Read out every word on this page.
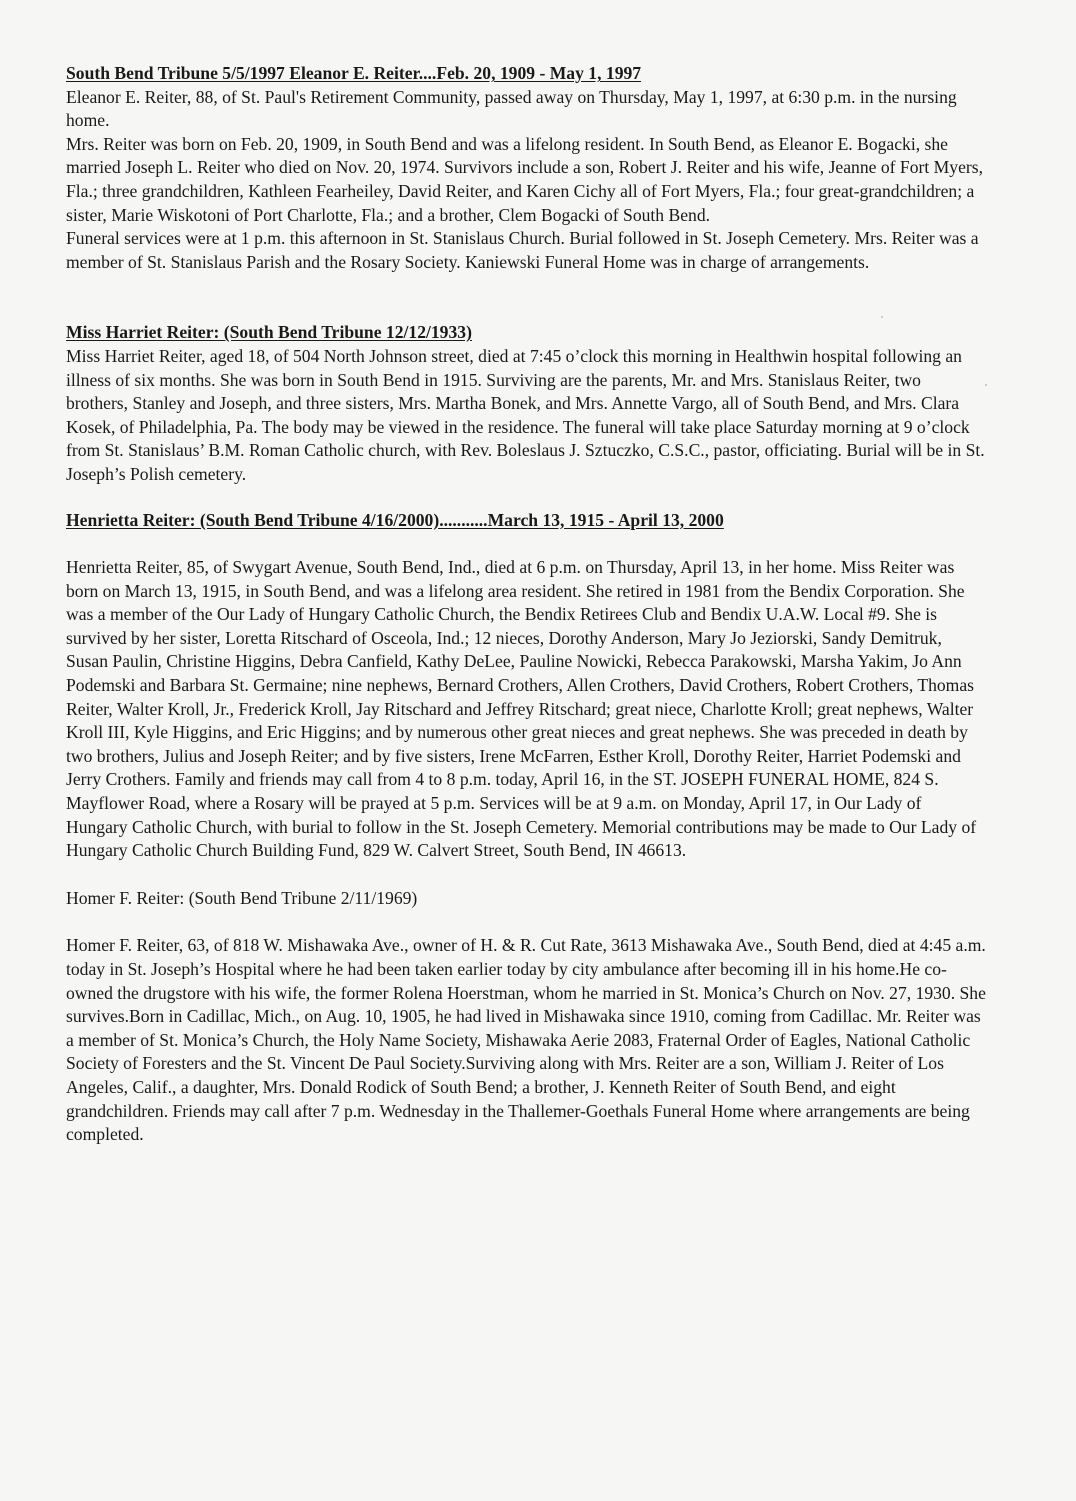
South Bend Tribune 5/5/1997 Eleanor E. Reiter....Feb. 20, 1909 - May 1, 1997

Eleanor E. Reiter, 88, of St. Paul's Retirement Community, passed away on Thursday, May 1, 1997, at 6:30 p.m. in the nursing home.

Mrs. Reiter was born on Feb. 20, 1909, in South Bend and was a lifelong resident. In South Bend, as Eleanor E. Bogacki, she married Joseph L. Reiter who died on Nov. 20, 1974. Survivors include a son, Robert J. Reiter and his wife, Jeanne of Fort Myers, Fla.; three grandchildren, Kathleen Fearheiley, David Reiter, and Karen Cichy all of Fort Myers, Fla.; four great-grandchildren; a sister, Marie Wiskotoni of Port Charlotte, Fla.; and a brother, Clem Bogacki of South Bend.

Funeral services were at 1 p.m. this afternoon in St. Stanislaus Church. Burial followed in St. Joseph Cemetery. Mrs. Reiter was a member of St. Stanislaus Parish and the Rosary Society. Kaniewski Funeral Home was in charge of arrangements.

Miss Harriet Reiter: (South Bend Tribune 12/12/1933)

Miss Harriet Reiter, aged 18, of 504 North Johnson street, died at 7:45 o’clock this morning in Healthwin hospital following an illness of six months. She was born in South Bend in 1915. Surviving are the parents, Mr. and Mrs. Stanislaus Reiter, two brothers, Stanley and Joseph, and three sisters, Mrs. Martha Bonek, and Mrs. Annette Vargo, all of South Bend, and Mrs. Clara Kosek, of Philadelphia, Pa. The body may be viewed in the residence. The funeral will take place Saturday morning at 9 o’clock from St. Stanislaus’ B.M. Roman Catholic church, with Rev. Boleslaus J. Sztuczko, C.S.C., pastor, officiating. Burial will be in St. Joseph’s Polish cemetery.

Henrietta Reiter: (South Bend Tribune 4/16/2000)...........March 13, 1915 - April 13, 2000

Henrietta Reiter, 85, of Swygart Avenue, South Bend, Ind., died at 6 p.m. on Thursday, April 13, in her home. Miss Reiter was born on March 13, 1915, in South Bend, and was a lifelong area resident. She retired in 1981 from the Bendix Corporation. She was a member of the Our Lady of Hungary Catholic Church, the Bendix Retirees Club and Bendix U.A.W. Local #9. She is survived by her sister, Loretta Ritschard of Osceola, Ind.; 12 nieces, Dorothy Anderson, Mary Jo Jeziorski, Sandy Demitruk, Susan Paulin, Christine Higgins, Debra Canfield, Kathy DeLee, Pauline Nowicki, Rebecca Parakowski, Marsha Yakim, Jo Ann Podemski and Barbara St. Germaine; nine nephews, Bernard Crothers, Allen Crothers, David Crothers, Robert Crothers, Thomas Reiter, Walter Kroll, Jr., Frederick Kroll, Jay Ritschard and Jeffrey Ritschard; great niece, Charlotte Kroll; great nephews, Walter Kroll III, Kyle Higgins, and Eric Higgins; and by numerous other great nieces and great nephews. She was preceded in death by two brothers, Julius and Joseph Reiter; and by five sisters, Irene McFarren, Esther Kroll, Dorothy Reiter, Harriet Podemski and Jerry Crothers. Family and friends may call from 4 to 8 p.m. today, April 16, in the ST. JOSEPH FUNERAL HOME, 824 S. Mayflower Road, where a Rosary will be prayed at 5 p.m. Services will be at 9 a.m. on Monday, April 17, in Our Lady of Hungary Catholic Church, with burial to follow in the St. Joseph Cemetery. Memorial contributions may be made to Our Lady of Hungary Catholic Church Building Fund, 829 W. Calvert Street, South Bend, IN 46613.

Homer F. Reiter: (South Bend Tribune 2/11/1969)

Homer F. Reiter, 63, of 818 W. Mishawaka Ave., owner of H. & R. Cut Rate, 3613 Mishawaka Ave., South Bend, died at 4:45 a.m. today in St. Joseph’s Hospital where he had been taken earlier today by city ambulance after becoming ill in his home.He co-owned the drugstore with his wife, the former Rolena Hoerstman, whom he married in St. Monica’s Church on Nov. 27, 1930. She survives.Born in Cadillac, Mich., on Aug. 10, 1905, he had lived in Mishawaka since 1910, coming from Cadillac. Mr. Reiter was a member of St. Monica’s Church, the Holy Name Society, Mishawaka Aerie 2083, Fraternal Order of Eagles, National Catholic Society of Foresters and the St. Vincent De Paul Society.Surviving along with Mrs. Reiter are a son, William J. Reiter of Los Angeles, Calif., a daughter, Mrs. Donald Rodick of South Bend; a brother, J. Kenneth Reiter of South Bend, and eight grandchildren. Friends may call after 7 p.m. Wednesday in the Thallemer-Goethals Funeral Home where arrangements are being completed.
